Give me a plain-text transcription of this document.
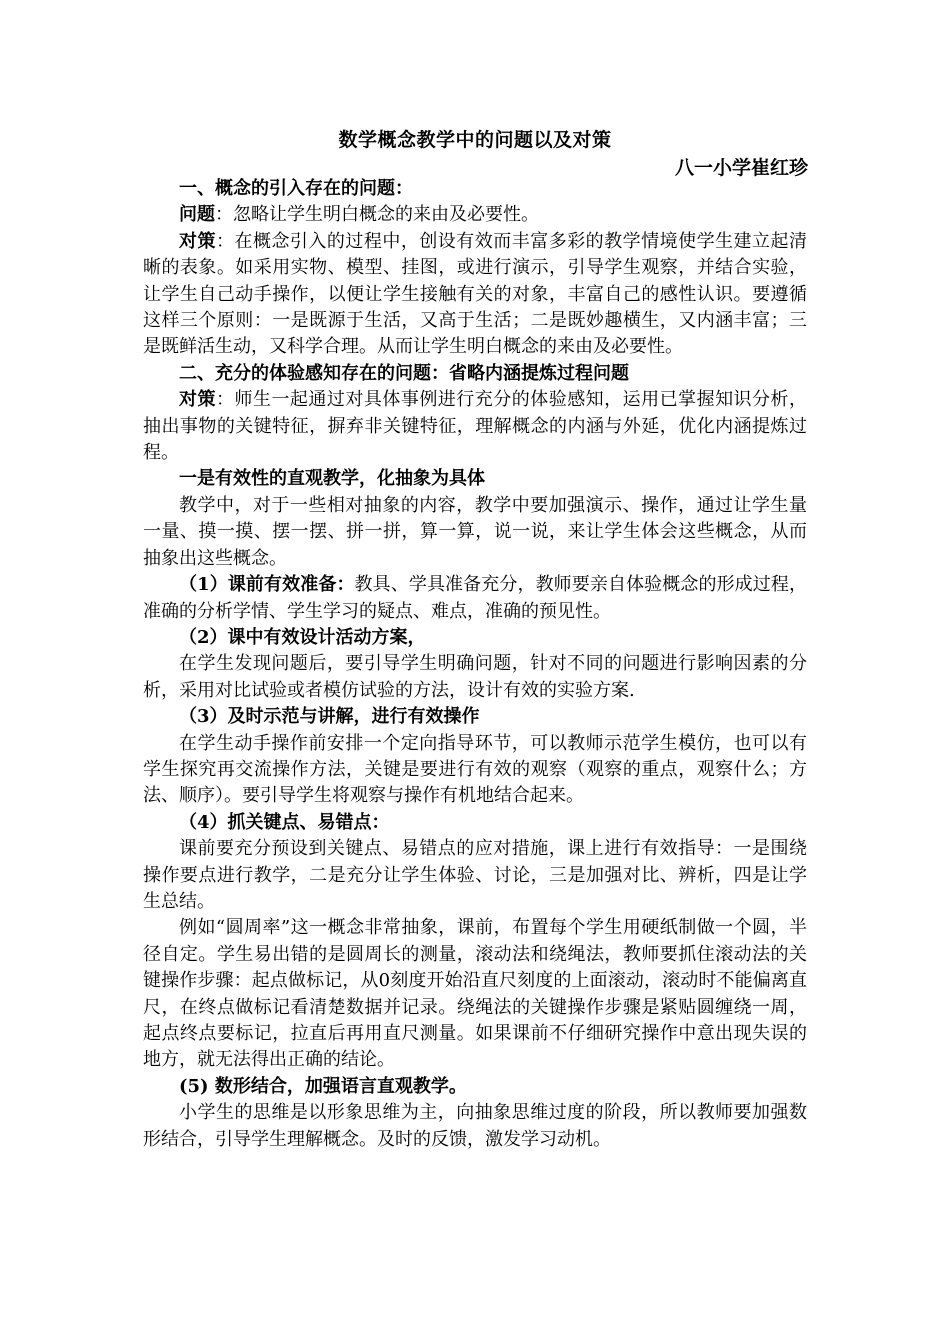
数学概念教学中的问题以及对策
八一小学崔红珍

一、概念的引入存在的问题：

问题：忽略让学生明白概念的来由及必要性。

对策：在概念引入的过程中，创设有效而丰富多彩的教学情境使学生建立起清晰的表象。如采用实物、模型、挂图，或进行演示，引导学生观察，并结合实验，让学生自己动手操作，以便让学生接触有关的对象，丰富自己的感性认识。要遵循这样三个原则：一是既源于生活，又高于生活；二是既妙趣横生，又内涵丰富；三是既鲜活生动，又科学合理。从而让学生明白概念的来由及必要性。

二、充分的体验感知存在的问题：省略内涵提炼过程问题

对策：师生一起通过对具体事例进行充分的体验感知，运用已掌握知识分析，抽出事物的关键特征，摒弃非关键特征，理解概念的内涵与外延，优化内涵提炼过程。

一是有效性的直观教学，化抽象为具体

教学中，对于一些相对抽象的内容，教学中要加强演示、操作，通过让学生量一量、摸一摸、摆一摆、拼一拼，算一算，说一说，来让学生体会这些概念，从而抽象出这些概念。

（1）课前有效准备：教具、学具准备充分，教师要亲自体验概念的形成过程，准确的分析学情、学生学习的疑点、难点，准确的预见性。

（2）课中有效设计活动方案，

在学生发现问题后，要引导学生明确问题，针对不同的问题进行影响因素的分析，采用对比试验或者模仿试验的方法，设计有效的实验方案.

（3）及时示范与讲解，进行有效操作

在学生动手操作前安排一个定向指导环节，可以教师示范学生模仿，也可以有学生探究再交流操作方法，关键是要进行有效的观察（观察的重点，观察什么；方法、顺序）。要引导学生将观察与操作有机地结合起来。

（4）抓关键点、易错点：

课前要充分预设到关键点、易错点的应对措施，课上进行有效指导：一是围绕操作要点进行教学，二是充分让学生体验、讨论，三是加强对比、辨析，四是让学生总结。

例如“圆周率”这一概念非常抽象，课前，布置每个学生用硬纸制做一个圆，半径自定。学生易出错的是圆周长的测量，滚动法和绕绳法，教师要抓住滚动法的关键操作步骤：起点做标记，从0刻度开始沿直尺刻度的上面滚动，滚动时不能偏离直尺，在终点做标记看清楚数据并记录。绕绳法的关键操作步骤是紧贴圆缠绕一周，起点终点要标记，拉直后再用直尺测量。如果课前不仔细研究操作中意出现失误的地方，就无法得出正确的结论。

(5) 数形结合，加强语言直观教学。

小学生的思维是以形象思维为主，向抽象思维过度的阶段，所以教师要加强数形结合，引导学生理解概念。及时的反馈，激发学习动机。
